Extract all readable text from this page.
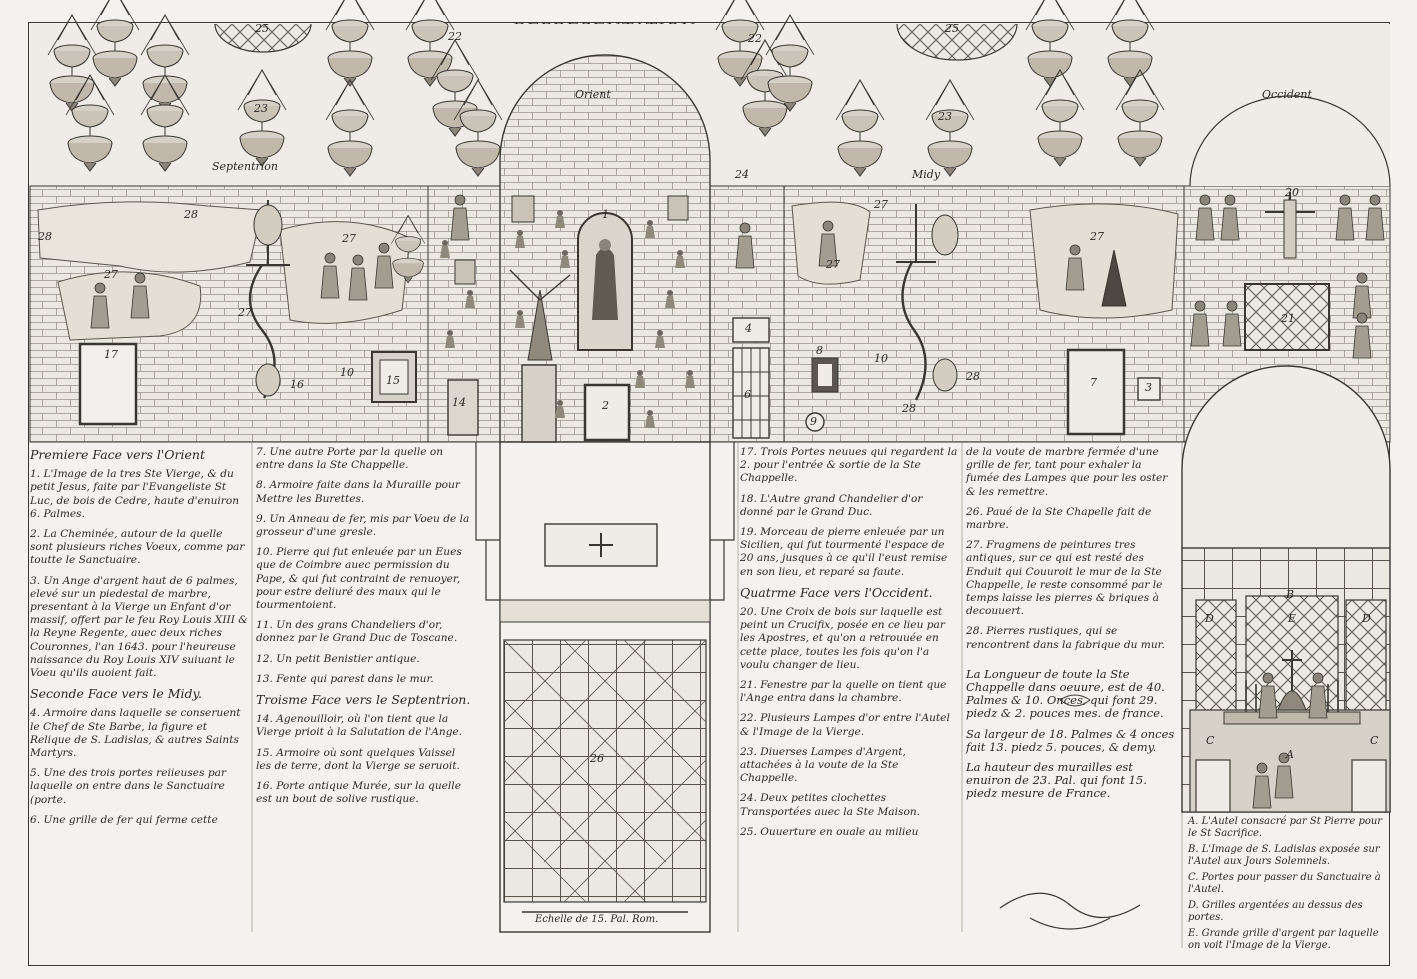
Orient	Occident
Septentrion
Midy
25	25
22	22
23
23
24
28
28
28
28
27
27
27
27
27
27
17
16
10
10
15
14	2
1
4
6
8
9
7	3
20
21
26
Echelle de 15. Pal. Rom.
A
B
C	C
D	D
E
Premiere Face vers l'Orient

1. L'Image de la tres Ste Vierge, & du petit Jesus, faite par l'Evangeliste St Luc, de bois de Cedre, haute d'enuiron 6. Palmes.

2. La Cheminée, autour de la quelle sont plusieurs riches Voeux, comme par toutte le Sanctuaire.

3. Un Ange d'argent haut de 6 palmes, elevé sur un piedestal de marbre, presentant à la Vierge un Enfant d'or massif, offert par le feu Roy Louis XIII & la Reyne Regente, auec deux riches Couronnes, l'an 1643. pour l'heureuse naissance du Roy Louis XIV suiuant le Voeu qu'ils auoient fait.

Seconde Face vers le Midy.

4. Armoire dans laquelle se conseruent le Chef de Ste Barbe, la figure et Relique de S. Ladislas, & autres Saints Martyrs.

5. Une des trois portes reiieuses par laquelle on entre dans le Sanctuaire (porte.

6. Une grille de fer qui ferme cette

7. Une autre Porte par la quelle on entre dans la Ste Chappelle.

8. Armoire faite dans la Muraille pour Mettre les Burettes.

9. Un Anneau de fer, mis par Voeu de la grosseur d'une gresle.

10. Pierre qui fut enleuée par un Eues que de Coimbre auec permission du Pape, & qui fut contraint de renuoyer, pour estre deliuré des maux qui le tourmentoient.

11. Un des grans Chandeliers d'or, donnez par le Grand Duc de Toscane.

12. Un petit Benistier antique.

13. Fente qui parest dans le mur.

Troisme Face vers le Septentrion.

14. Agenouilloir, où l'on tient que la Vierge prioit à la Salutation de l'Ange.

15. Armoire où sont quelques Vaissel les de terre, dont la Vierge se seruoit.

16. Porte antique Murée, sur la quelle est un bout de solive rustique.

17. Trois Portes neuues qui regardent la 2. pour l'entrée & sortie de la Ste Chappelle.

18. L'Autre grand Chandelier d'or donné par le Grand Duc.

19. Morceau de pierre enleuée par un Sicilien, qui fut tourmenté l'espace de 20 ans, jusques à ce qu'il l'eust remise en son lieu, et reparé sa faute.

Quatrme Face vers l'Occident.

20. Une Croix de bois sur laquelle est peint un Crucifix, posée en ce lieu par les Apostres, et qu'on a retrouuée en cette place, toutes les fois qu'on l'a voulu changer de lieu.

21. Fenestre par la quelle on tient que l'Ange entra dans la chambre.

22. Plusieurs Lampes d'or entre l'Autel & l'Image de la Vierge.

23. Diuerses Lampes d'Argent, attachées à la voute de la Ste Chappelle.

24. Deux petites clochettes Transportées auec la Ste Maison.

25. Ouuerture en ouale au milieu

de la voute de marbre fermée d'une grille de fer, tant pour exhaler la fumée des Lampes que pour les oster & les remettre.

26. Paué de la Ste Chapelle fait de marbre.

27. Fragmens de peintures tres antiques, sur ce qui est resté des Enduit qui Couuroit le mur de la Ste Chappelle, le reste consommé par le temps laisse les pierres & briques à decouuert.

28. Pierres rustiques, qui se rencontrent dans la fabrique du mur.

La Longueur de toute la Ste Chappelle dans oeuure, est de 40. Palmes & 10. Onces, qui font 29. piedz & 2. pouces mes. de france.

Sa largeur de 18. Palmes & 4 onces fait 13. piedz 5. pouces, & demy.

La hauteur des murailles est enuiron de 23. Pal. qui font 15. piedz mesure de France.

A. L'Autel consacré par St Pierre pour le St Sacrifice.

B. L'Image de S. Ladislas exposée sur l'Autel aux Jours Solemnels.

C. Portes pour passer du Sanctuaire à l'Autel.

D. Grilles argentées au dessus des portes.

E. Grande grille d'argent par laquelle on voit l'Image de la Vierge.
